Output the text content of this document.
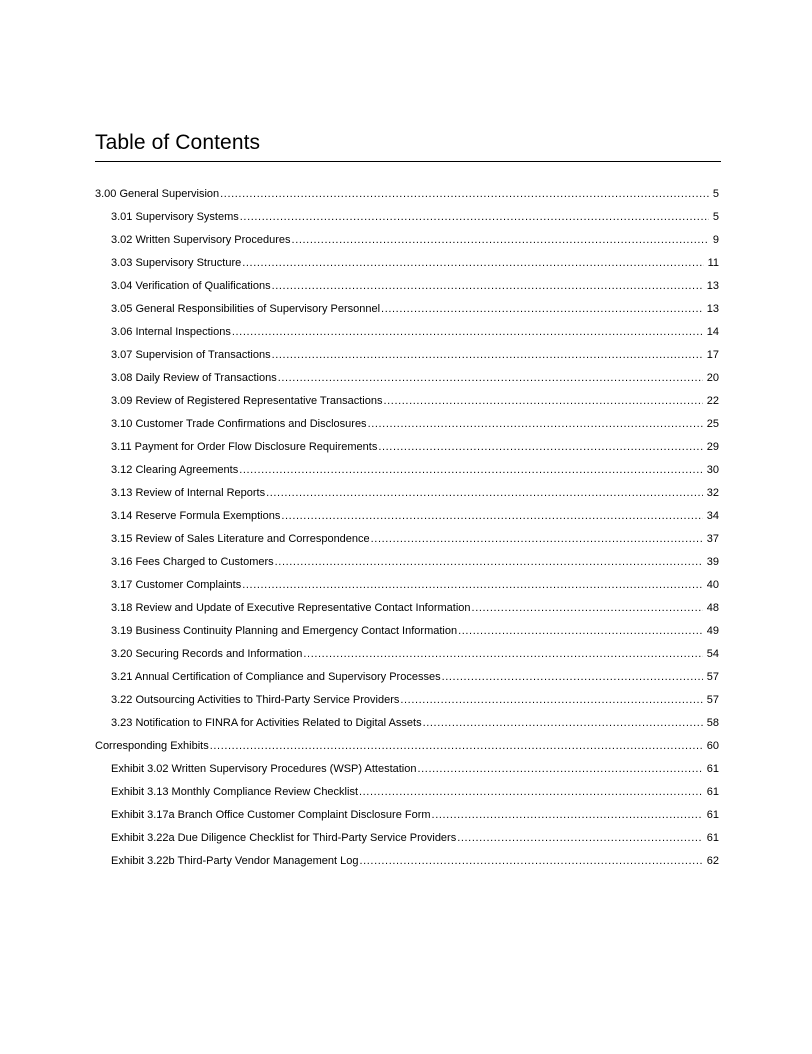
Table of Contents
3.00 General Supervision .....	5
3.01 Supervisory Systems .....	5
3.02 Written Supervisory Procedures .....	9
3.03 Supervisory Structure .....	11
3.04 Verification of Qualifications .....	13
3.05 General Responsibilities of Supervisory Personnel .....	13
3.06 Internal Inspections .....	14
3.07 Supervision of Transactions .....	17
3.08 Daily Review of Transactions .....	20
3.09 Review of Registered Representative Transactions .....	22
3.10 Customer Trade Confirmations and Disclosures .....	25
3.11 Payment for Order Flow Disclosure Requirements .....	29
3.12 Clearing Agreements .....	30
3.13 Review of Internal Reports .....	32
3.14 Reserve Formula Exemptions .....	34
3.15 Review of Sales Literature and Correspondence .....	37
3.16 Fees Charged to Customers .....	39
3.17 Customer Complaints .....	40
3.18 Review and Update of Executive Representative Contact Information .....	48
3.19 Business Continuity Planning and Emergency Contact Information .....	49
3.20 Securing Records and Information .....	54
3.21 Annual Certification of Compliance and Supervisory Processes .....	57
3.22 Outsourcing Activities to Third-Party Service Providers .....	57
3.23 Notification to FINRA for Activities Related to Digital Assets .....	58
Corresponding Exhibits .....	60
Exhibit 3.02 Written Supervisory Procedures (WSP) Attestation .....	61
Exhibit 3.13 Monthly Compliance Review Checklist .....	61
Exhibit 3.17a Branch Office Customer Complaint Disclosure Form .....	61
Exhibit 3.22a Due Diligence Checklist for Third-Party Service Providers .....	61
Exhibit 3.22b Third-Party Vendor Management Log .....	62
